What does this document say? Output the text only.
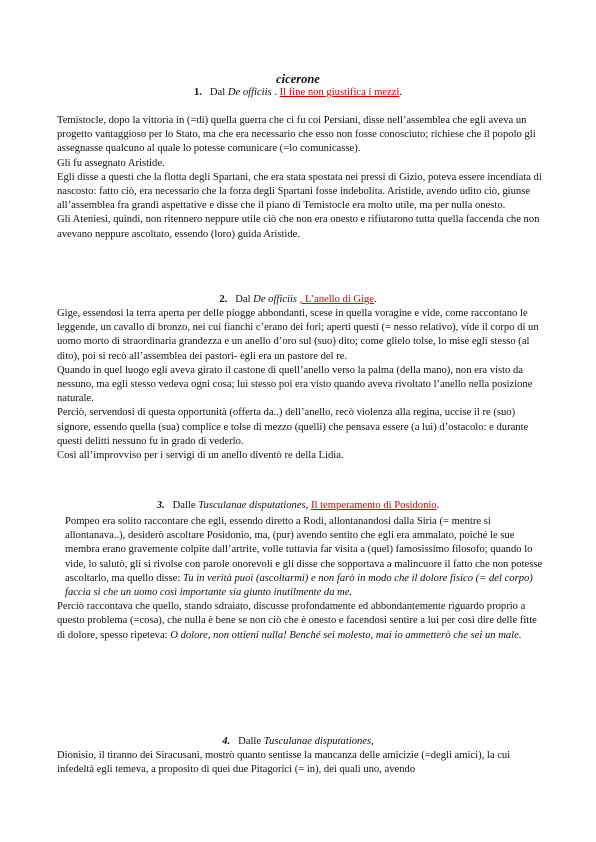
cicerone
1. Dal De officiis . Il fine non giustifica i mezzi.

Temistocle, dopo la vittoria in (=di) quella guerra che ci fu coi Persiani, disse nell’assemblea che egli aveva un progetto vantaggioso per lo Stato, ma che era necessario che esso non fosse conosciuto; richiese che il popolo gli assegnasse qualcuno al quale lo potesse comunicare (=lo comunicasse).

Gli fu assegnato Aristide.

Egli disse a questi che la flotta degli Spartani, che era stata spostata nei pressi di Gizio, poteva essere incendiata di nascosto: fatto ciò, era necessario che la forza degli Spartani fosse indebolita. Aristide, avendo udito ciò, giunse all’assemblea fra grandi aspettative e disse che il piano di Temistocle era molto utile, ma per nulla onesto.

Gli Ateniesi, quindi, non ritennero neppure utile ciò che non era onesto e rifiutarono tutta quella faccenda che non avevano neppure ascoltato, essendo (loro) guida Aristide.

2. Dal De officiis , L’anello di Gige.

Gige, essendosi la terra aperta per delle piogge abbondanti, scese in quella voragine e vide, come raccontano le leggende, un cavallo di bronzo, nei cui fianchi c’erano dei fori; aperti questi (= nesso relativo), vide il corpo di un uomo morto di straordinaria grandezza e un anello d’oro sul (suo) dito; come glielo tolse, lo mise egli stesso (al dito), poi si recò all’assemblea dei pastori- egli era un pastore del re.

Quando in quel luogo egli aveva girato il castone di quell’anello verso la palma (della mano), non era visto da nessuno, ma egli stesso vedeva ogni cosa; lui stesso poi era visto quando aveva rivoltato l’anello nella posizione naturale.

Perciò, servendosi di questa opportunità (offerta da..) dell’anello, recò violenza alla regina, uccise il re (suo) signore, essendo quella (sua) complice e tolse di mezzo (quelli) che pensava essere (a lui) d’ostacolo: e durante questi delitti nessuno fu in grado di vederlo.

Così all’improvviso per i servigi di un anello diventò re della Lidia.

3. Dalle Tusculanae disputationes, Il temperamento di Posidonio.

Pompeo era solito raccontare che egli, essendo diretto a Rodi, allontanandosi dalla Siria (= mentre si allontanava..), desiderò ascoltare Posidonio, ma, (pur) avendo sentito che egli era ammalato, poiché le sue membra erano gravemente colpite dall’artrite, volle tuttavia far visita a (quel) famosissimo filosofo; quando lo vide, lo salutò, gli si rivolse con parole onorevoli e gli disse che sopportava a malincuore il fatto che non potesse ascoltarlo, ma quello disse: Tu in verità puoi (ascoltarmi) e non farò in modo che il dolore fisico (= del corpo) faccia sì che un uomo così importante sia giunto inutilmente da me.

Perciò raccontava che quello, stando sdraiato, discusse profondamente ed abbondantemente riguardo proprio a questo problema (=cosa), che nulla è bene se non ciò che è onesto e facendosi sentire a lui per così dire delle fitte di dolore, spesso ripeteva: O dolore, non ottieni nulla! Benché sei molesto, mai io ammetterò che sei un male.

4. Dalle Tusculanae disputationes,

Dionisio, il tiranno dei Siracusani, mostrò quanto sentisse la mancanza delle amicizie (=degli amici), la cui infedeltà egli temeva, a proposito di quei due Pitagorici (= in), dei quali uno, avendo
